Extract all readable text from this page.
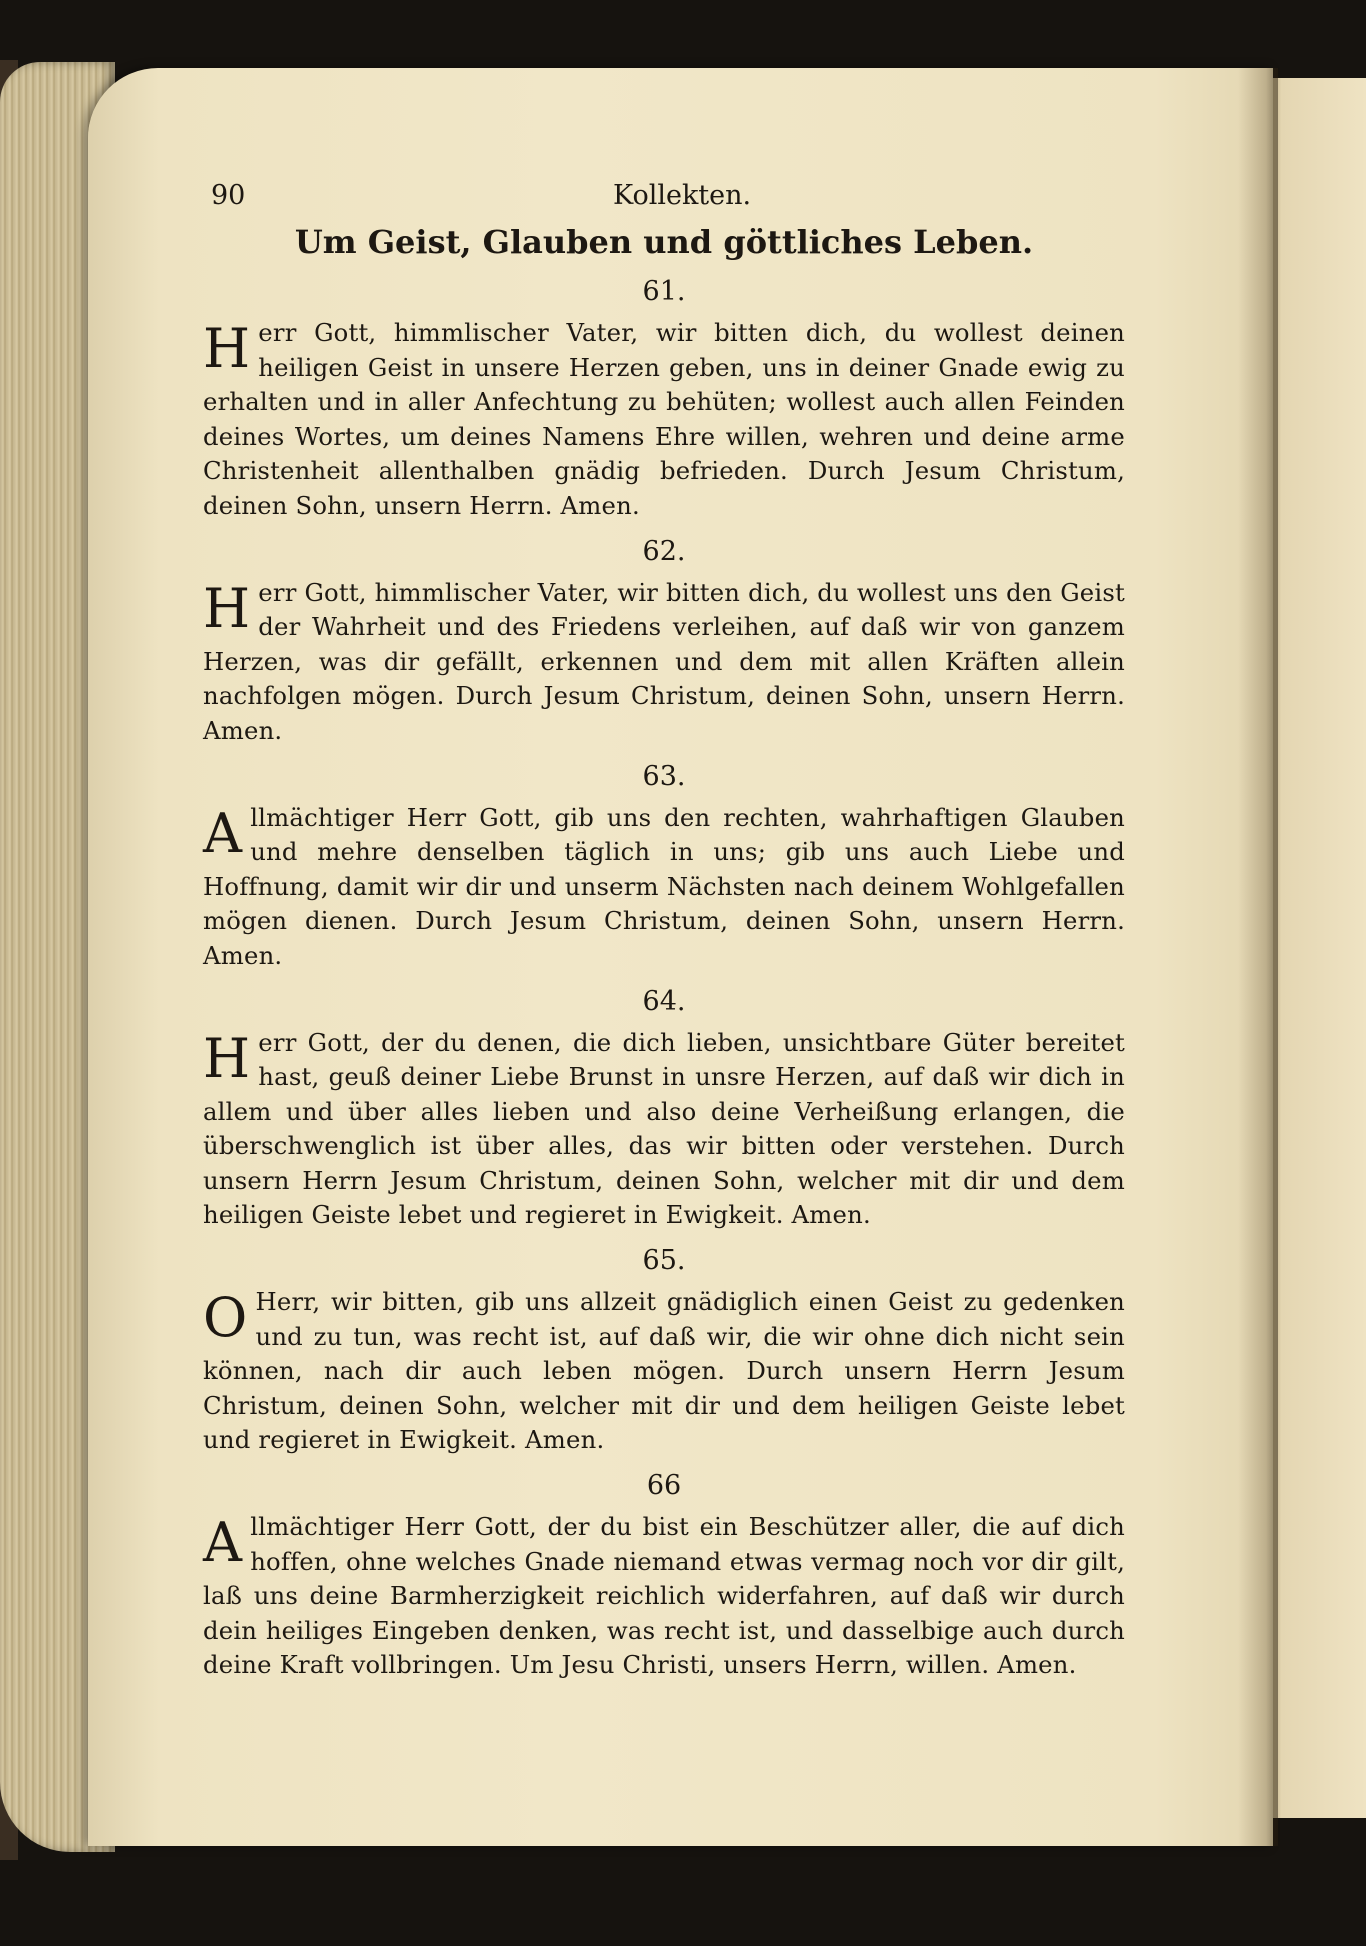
90	Kollekten.
Um Geist, Glauben und göttliches Leben.
61.

Herr Gott, himmlischer Vater, wir bitten dich, du wollest deinen heiligen Geist in unsere Herzen geben, uns in deiner Gnade ewig zu erhalten und in aller Anfechtung zu behüten; wollest auch allen Feinden deines Wortes, um deines Namens Ehre willen, wehren und deine arme Christenheit allenthalben gnädig befrieden. Durch Jesum Christum, deinen Sohn, unsern Herrn. Amen.

62.

Herr Gott, himmlischer Vater, wir bitten dich, du wollest uns den Geist der Wahrheit und des Friedens verleihen, auf daß wir von ganzem Herzen, was dir gefällt, erkennen und dem mit allen Kräften allein nachfolgen mögen. Durch Jesum Christum, deinen Sohn, unsern Herrn. Amen.

63.

Allmächtiger Herr Gott, gib uns den rechten, wahrhaftigen Glauben und mehre denselben täglich in uns; gib uns auch Liebe und Hoffnung, damit wir dir und unserm Nächsten nach deinem Wohlgefallen mögen dienen. Durch Jesum Christum, deinen Sohn, unsern Herrn. Amen.

64.

Herr Gott, der du denen, die dich lieben, unsichtbare Güter bereitet hast, geuß deiner Liebe Brunst in unsre Herzen, auf daß wir dich in allem und über alles lieben und also deine Verheißung erlangen, die überschwenglich ist über alles, das wir bitten oder verstehen. Durch unsern Herrn Jesum Christum, deinen Sohn, welcher mit dir und dem heiligen Geiste lebet und regieret in Ewigkeit. Amen.

65.

O Herr, wir bitten, gib uns allzeit gnädiglich einen Geist zu gedenken und zu tun, was recht ist, auf daß wir, die wir ohne dich nicht sein können, nach dir auch leben mögen. Durch unsern Herrn Jesum Christum, deinen Sohn, welcher mit dir und dem heiligen Geiste lebet und regieret in Ewigkeit. Amen.

66

Allmächtiger Herr Gott, der du bist ein Beschützer aller, die auf dich hoffen, ohne welches Gnade niemand etwas vermag noch vor dir gilt, laß uns deine Barmherzigkeit reichlich widerfahren, auf daß wir durch dein heiliges Eingeben denken, was recht ist, und dasselbige auch durch deine Kraft vollbringen. Um Jesu Christi, unsers Herrn, willen. Amen.
